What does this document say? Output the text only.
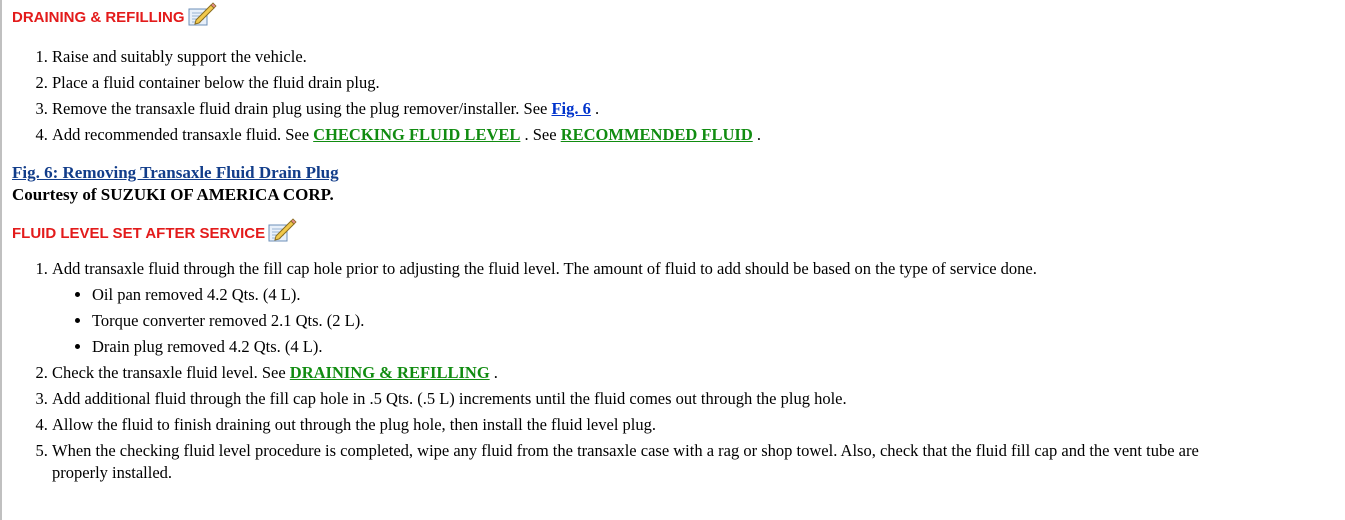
DRAINING & REFILLING
1. Raise and suitably support the vehicle.
2. Place a fluid container below the fluid drain plug.
3. Remove the transaxle fluid drain plug using the plug remover/installer. See Fig. 6 .
4. Add recommended transaxle fluid. See CHECKING FLUID LEVEL . See RECOMMENDED FLUID .
Fig. 6: Removing Transaxle Fluid Drain Plug
Courtesy of SUZUKI OF AMERICA CORP.
FLUID LEVEL SET AFTER SERVICE
1. Add transaxle fluid through the fill cap hole prior to adjusting the fluid level. The amount of fluid to add should be based on the type of service done.
• Oil pan removed 4.2 Qts. (4 L).
• Torque converter removed 2.1 Qts. (2 L).
• Drain plug removed 4.2 Qts. (4 L).
2. Check the transaxle fluid level. See DRAINING & REFILLING .
3. Add additional fluid through the fill cap hole in .5 Qts. (.5 L) increments until the fluid comes out through the plug hole.
4. Allow the fluid to finish draining out through the plug hole, then install the fluid level plug.
5. When the checking fluid level procedure is completed, wipe any fluid from the transaxle case with a rag or shop towel. Also, check that the fluid fill cap and the vent tube are
properly installed.
